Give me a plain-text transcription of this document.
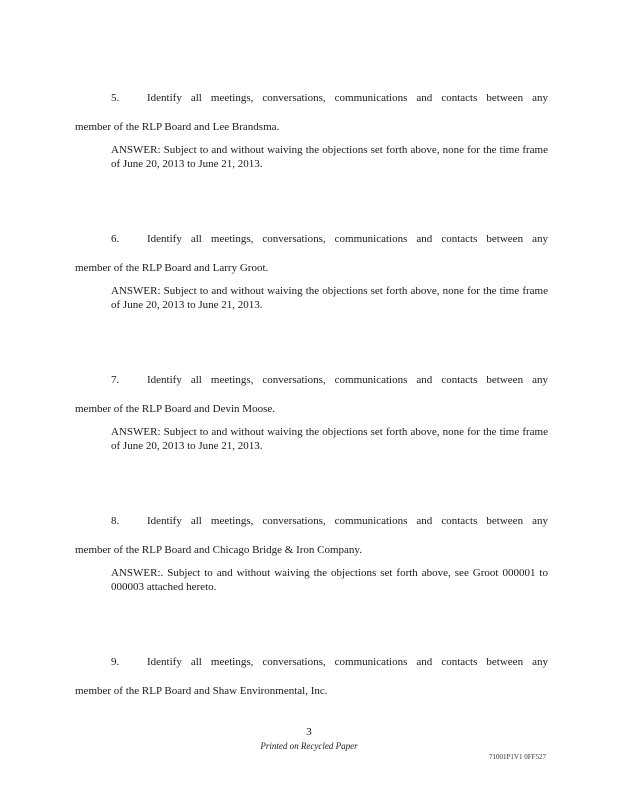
5.	Identify all meetings, conversations, communications and contacts between any
member of the RLP Board and Lee Brandsma.
ANSWER: Subject to and without waiving the objections set forth above, none for the time frame of June 20, 2013 to June 21, 2013.
6.	Identify all meetings, conversations, communications and contacts between any
member of the RLP Board and Larry Groot.
ANSWER: Subject to and without waiving the objections set forth above, none for the time frame of June 20, 2013 to June 21, 2013.
7.	Identify all meetings, conversations, communications and contacts between any
member of the RLP Board and Devin Moose.
ANSWER: Subject to and without waiving the objections set forth above, none for the time frame of June 20, 2013 to June 21, 2013.
8.	Identify all meetings, conversations, communications and contacts between any
member of the RLP Board and Chicago Bridge & Iron Company.
ANSWER:. Subject to and without waiving the objections set forth above, see Groot 000001 to 000003 attached hereto.
9.	Identify all meetings, conversations, communications and contacts between any
member of the RLP Board and Shaw Environmental, Inc.
3
Printed on Recycled Paper
71001P1V1 0FF527
